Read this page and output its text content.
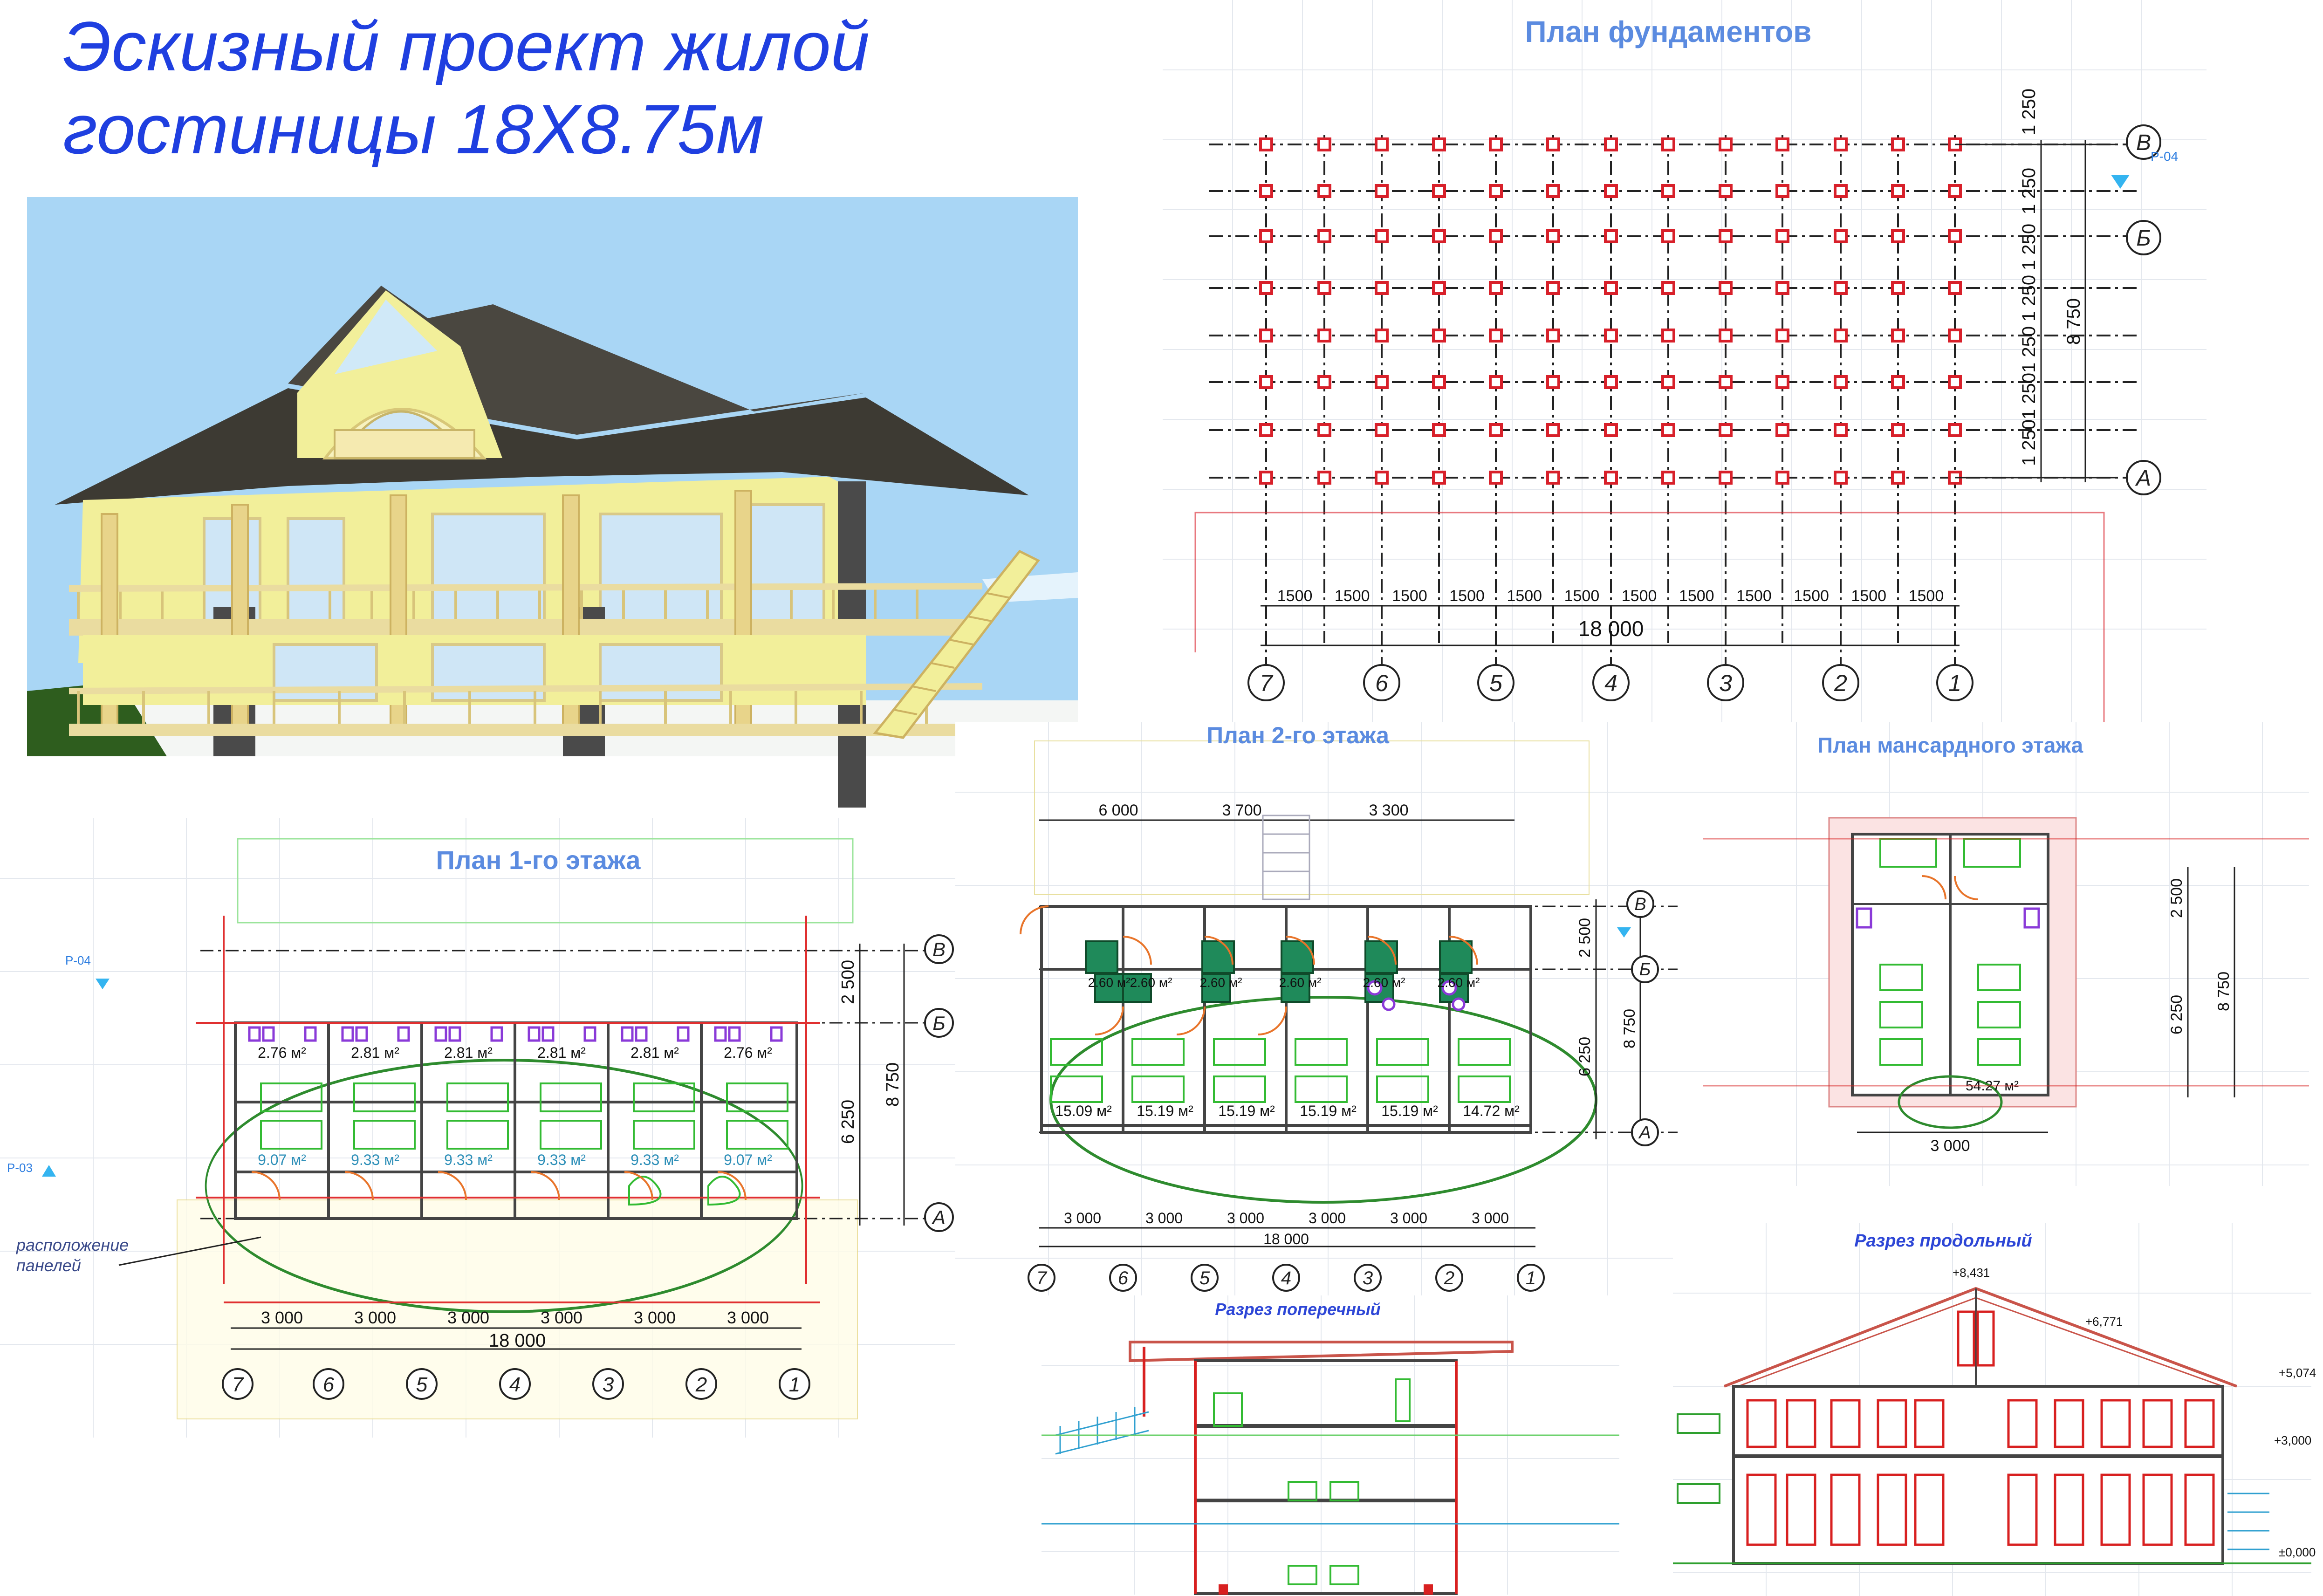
Эскизный проект жилой
гостиницы 18Х8.75м
План фундаментов
1 250
1 250
1 250
1 250
1 250
1 250
1 250
8 750
В
Б
А
Р-04
1500 1500 1500 1500 1500 1500 1500 1500 1500 1500 1500 1500
18 000
7	6	5	4	3	2	1
План 1-го этажа
Р-04
Р-03
2.76 м²	2.81 м²	2.81 м²	2.81 м²	2.81 м²	2.76 м²
9.07 м²	9.33 м²	9.33 м²	9.33 м²	9.33 м²	9.07 м²
2 500
6 250
8 750
В
Б
А
3 000	3 000	3 000	3 000	3 000	3 000
18 000
7	6	5	4	3	2	1
расположение
панелей
План 2-го этажа
6 000	3 700	3 300
2.60 м² 2.60 м² 2.60 м²	2.60 м²	2.60 м² 2.60 м²
15.09 м² 15.19 м² 15.19 м² 15.19 м² 15.19 м² 14.72 м²
2 500
6 250
8 750
В
Б
А
3 000	3 000	3 000	3 000	3 000	3 000
18 000
7	6	5	4	3	2	1
План мансардного этажа
54.27 м²
2 500
6 250
8 750
3 000
Разрез поперечный
Разрез продольный
+8,431
+6,771
+5,074
+3,000
±0,000
